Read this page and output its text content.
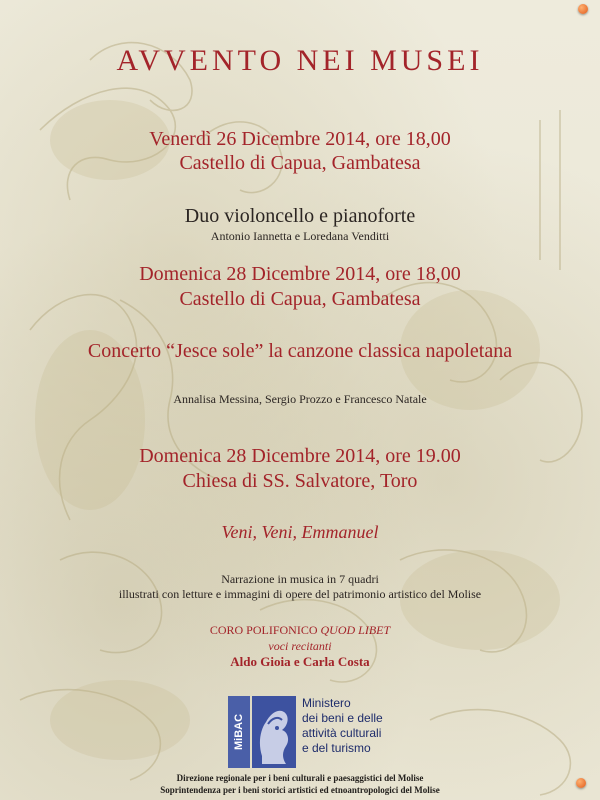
AVVENTO NEI MUSEI
Venerdì 26 Dicembre 2014, ore 18,00
Castello di Capua, Gambatesa
Duo violoncello e pianoforte
Antonio Iannetta e Loredana Venditti
Domenica 28 Dicembre 2014, ore 18,00
Castello di Capua, Gambatesa
Concerto “Jesce sole” la canzone classica napoletana
Annalisa Messina, Sergio Prozzo e Francesco Natale
Domenica 28 Dicembre 2014, ore 19.00
Chiesa di SS. Salvatore, Toro
Veni, Veni, Emmanuel
Narrazione in musica in 7 quadri
illustrati con letture e immagini di opere del patrimonio artistico del Molise
CORO POLIFONICO QUOD LIBET
voci recitanti
Aldo Gioia e Carla Costa
MiBAC
Ministero
dei beni e delle
attività culturali
e del turismo
Direzione regionale per i beni culturali e paesaggistici del Molise
Soprintendenza per i beni storici artistici ed etnoantropologici del Molise
